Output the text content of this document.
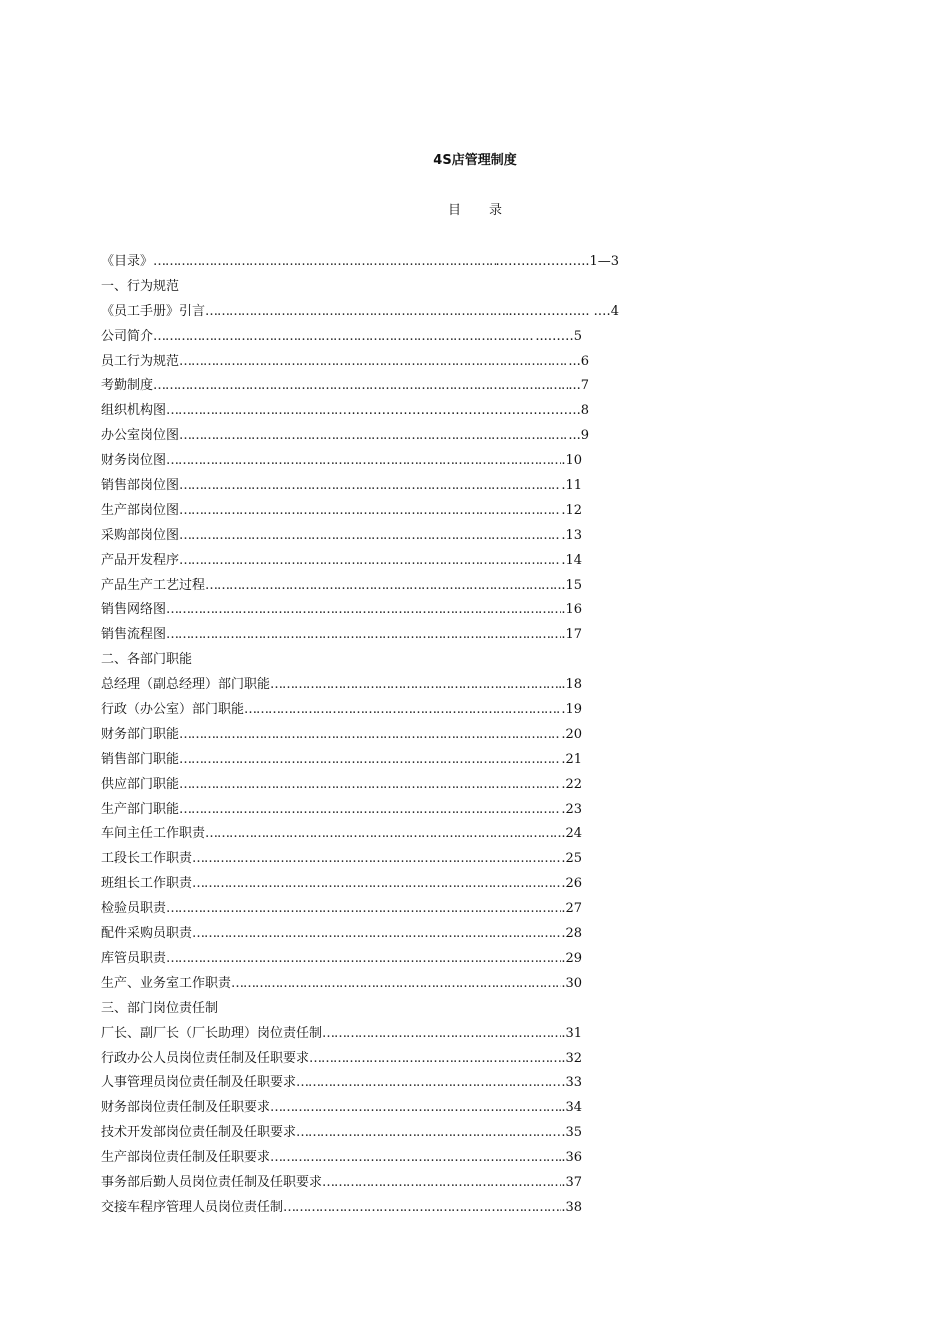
4S店管理制度
目录
《目录》 ………………………………………………………………………………………………………………………………………………………	..……...………..1—3
一、行为规范
《员工手册》引言 ………………………………………………………………………………………………………………………………………………………	...………….... .…4
公司简介 ………………………………………………………………………………………………………………………………………………………	...……5
员工行为规范 ………………………………………………………………………………………………………………………………………………………	...6
考勤制度 ………………………………………………………………………………………………………………………………………………………	...7
组织机构图 ………………………………………………………………………………………………………………………………………………………	..…………………………………………….8
办公室岗位图 ………………………………………………………………………………………………………………………………………………………	...9
财务岗位图 ………………………………………………………………………………………………………………………………………………………	.10
销售部岗位图 ………………………………………………………………………………………………………………………………………………………	.11
生产部岗位图 ………………………………………………………………………………………………………………………………………………………	.12
采购部岗位图 ………………………………………………………………………………………………………………………………………………………	.13
产品开发程序 ………………………………………………………………………………………………………………………………………………………	.14
产品生产工艺过程 ………………………………………………………………………………………………………………………………………………………	.15
销售网络图 ………………………………………………………………………………………………………………………………………………………	.16
销售流程图 ………………………………………………………………………………………………………………………………………………………	.17
二、各部门职能
总经理（副总经理）部门职能 ………………………………………………………………………………………………………………………………………………………	.18
行政（办公室）部门职能 ………………………………………………………………………………………………………………………………………………………	.19
财务部门职能 ………………………………………………………………………………………………………………………………………………………	.20
销售部门职能 ………………………………………………………………………………………………………………………………………………………	.21
供应部门职能 ………………………………………………………………………………………………………………………………………………………	.22
生产部门职能 ………………………………………………………………………………………………………………………………………………………	.23
车间主任工作职责 ………………………………………………………………………………………………………………………………………………………	.24
工段长工作职责 ………………………………………………………………………………………………………………………………………………………	.25
班组长工作职责 ………………………………………………………………………………………………………………………………………………………	.26
检验员职责 ………………………………………………………………………………………………………………………………………………………	.27
配件采购员职责 ………………………………………………………………………………………………………………………………………………………	.28
库管员职责 ………………………………………………………………………………………………………………………………………………………	.29
生产、业务室工作职责 ………………………………………………………………………………………………………………………………………………………	.30
三、部门岗位责任制
厂长、副厂长（厂长助理）岗位责任制 ………………………………………………………………………………………………………………………………………………………	.31
行政办公人员岗位责任制及任职要求 ………………………………………………………………………………………………………………………………………………………	.32
人事管理员岗位责任制及任职要求 ………………………………………………………………………………………………………………………………………………………	.33
财务部岗位责任制及任职要求 ………………………………………………………………………………………………………………………………………………………	.34
技术开发部岗位责任制及任职要求 ………………………………………………………………………………………………………………………………………………………	.35
生产部岗位责任制及任职要求 ………………………………………………………………………………………………………………………………………………………	.36
事务部后勤人员岗位责任制及任职要求 ………………………………………………………………………………………………………………………………………………………	.37
交接车程序管理人员岗位责任制 ………………………………………………………………………………………………………………………………………………………	.38
